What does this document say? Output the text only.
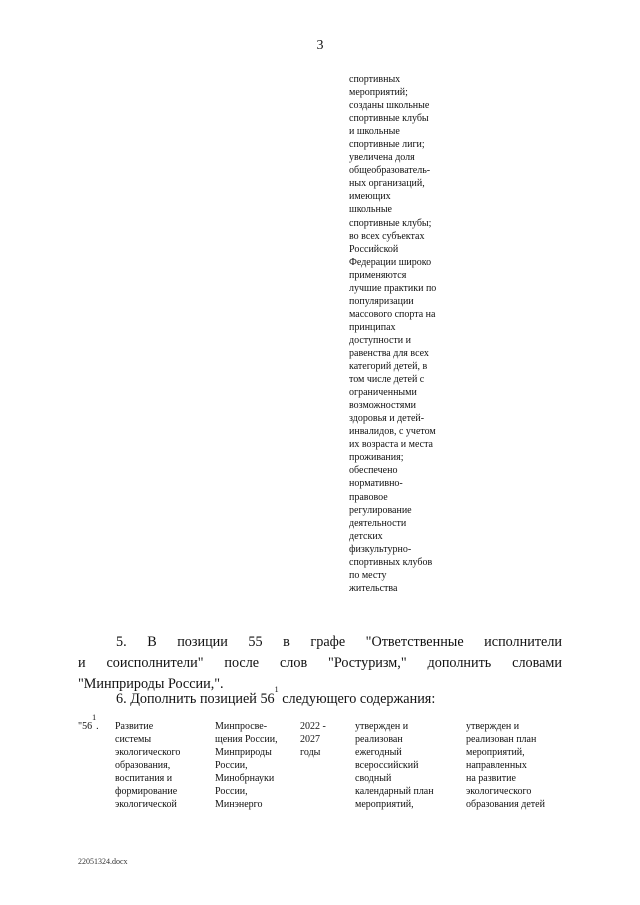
3
спортивных
мероприятий;
созданы школьные
спортивные клубы
и школьные
спортивные лиги;
увеличена доля
общеобразователь-
ных организаций,
имеющих
школьные
спортивные клубы;
во всех субъектах
Российской
Федерации широко
применяются
лучшие практики по
популяризации
массового спорта на
принципах
доступности и
равенства для всех
категорий детей, в
том числе детей с
ограниченными
возможностями
здоровья и детей-
инвалидов, с учетом
их возраста и места
проживания;
обеспечено
нормативно-
правовое
регулирование
деятельности
детских
физкультурно-
спортивных клубов
по месту
жительства
5. В позиции 55 в графе "Ответственные исполнители
и соисполнители" после слов "Ростуризм," дополнить словами
"Минприроды России,".
6. Дополнить позицией $56^1$ следующего содержания:
"$56^1$. Развитие
системы
экологического
образования,
воспитания и
формирование
экологической
Минпросве-
щения России,
Минприроды
России,
Минобрнауки
России,
Минэнерго
2022 -
2027
годы
утвержден и
реализован
ежегодный
всероссийский
сводный
календарный план
мероприятий,
утвержден и
реализован план
мероприятий,
направленных
на развитие
экологического
образования детей
22051324.docx
